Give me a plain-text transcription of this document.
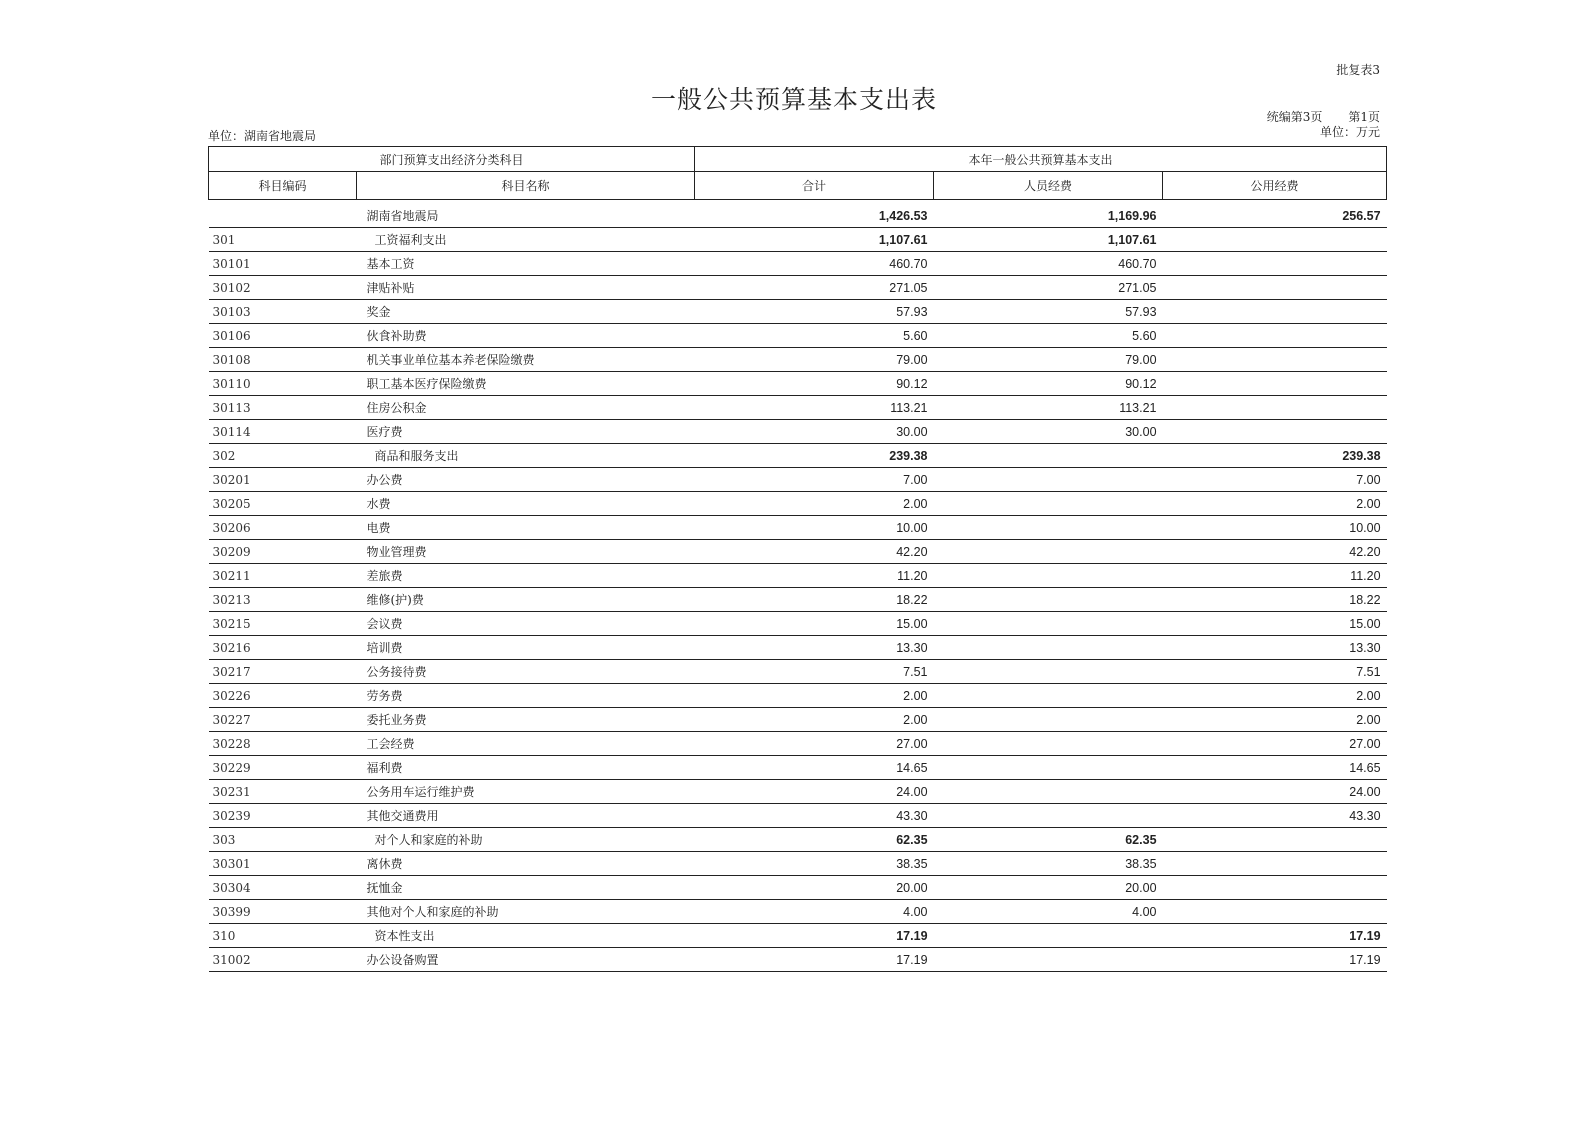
批复表3
一般公共预算基本支出表
统编第3页 第1页
单位：万元
单位：湖南省地震局
部门预算支出经济分类科目		本年一般公共预算基本支出		
科目编码	科目名称	合计	人员经费	公用经费

	湖南省地震局	1,426.53	1,169.96	256.57
301	工资福利支出	1,107.61	1,107.61	
30101	基本工资	460.70	460.70	
30102	津贴补贴	271.05	271.05	
30103	奖金	57.93	57.93	
30106	伙食补助费	5.60	5.60	
30108	机关事业单位基本养老保险缴费	79.00	79.00	
30110	职工基本医疗保险缴费	90.12	90.12	
30113	住房公积金	113.21	113.21	
30114	医疗费	30.00	30.00	
302	商品和服务支出	239.38		239.38
30201	办公费	7.00		7.00
30205	水费	2.00		2.00
30206	电费	10.00		10.00
30209	物业管理费	42.20		42.20
30211	差旅费	11.20		11.20
30213	维修(护)费	18.22		18.22
30215	会议费	15.00		15.00
30216	培训费	13.30		13.30
30217	公务接待费	7.51		7.51
30226	劳务费	2.00		2.00
30227	委托业务费	2.00		2.00
30228	工会经费	27.00		27.00
30229	福利费	14.65		14.65
30231	公务用车运行维护费	24.00		24.00
30239	其他交通费用	43.30		43.30
303	对个人和家庭的补助	62.35	62.35	
30301	离休费	38.35	38.35	
30304	抚恤金	20.00	20.00	
30399	其他对个人和家庭的补助	4.00	4.00	
310	资本性支出	17.19		17.19
31002	办公设备购置	17.19		17.19
